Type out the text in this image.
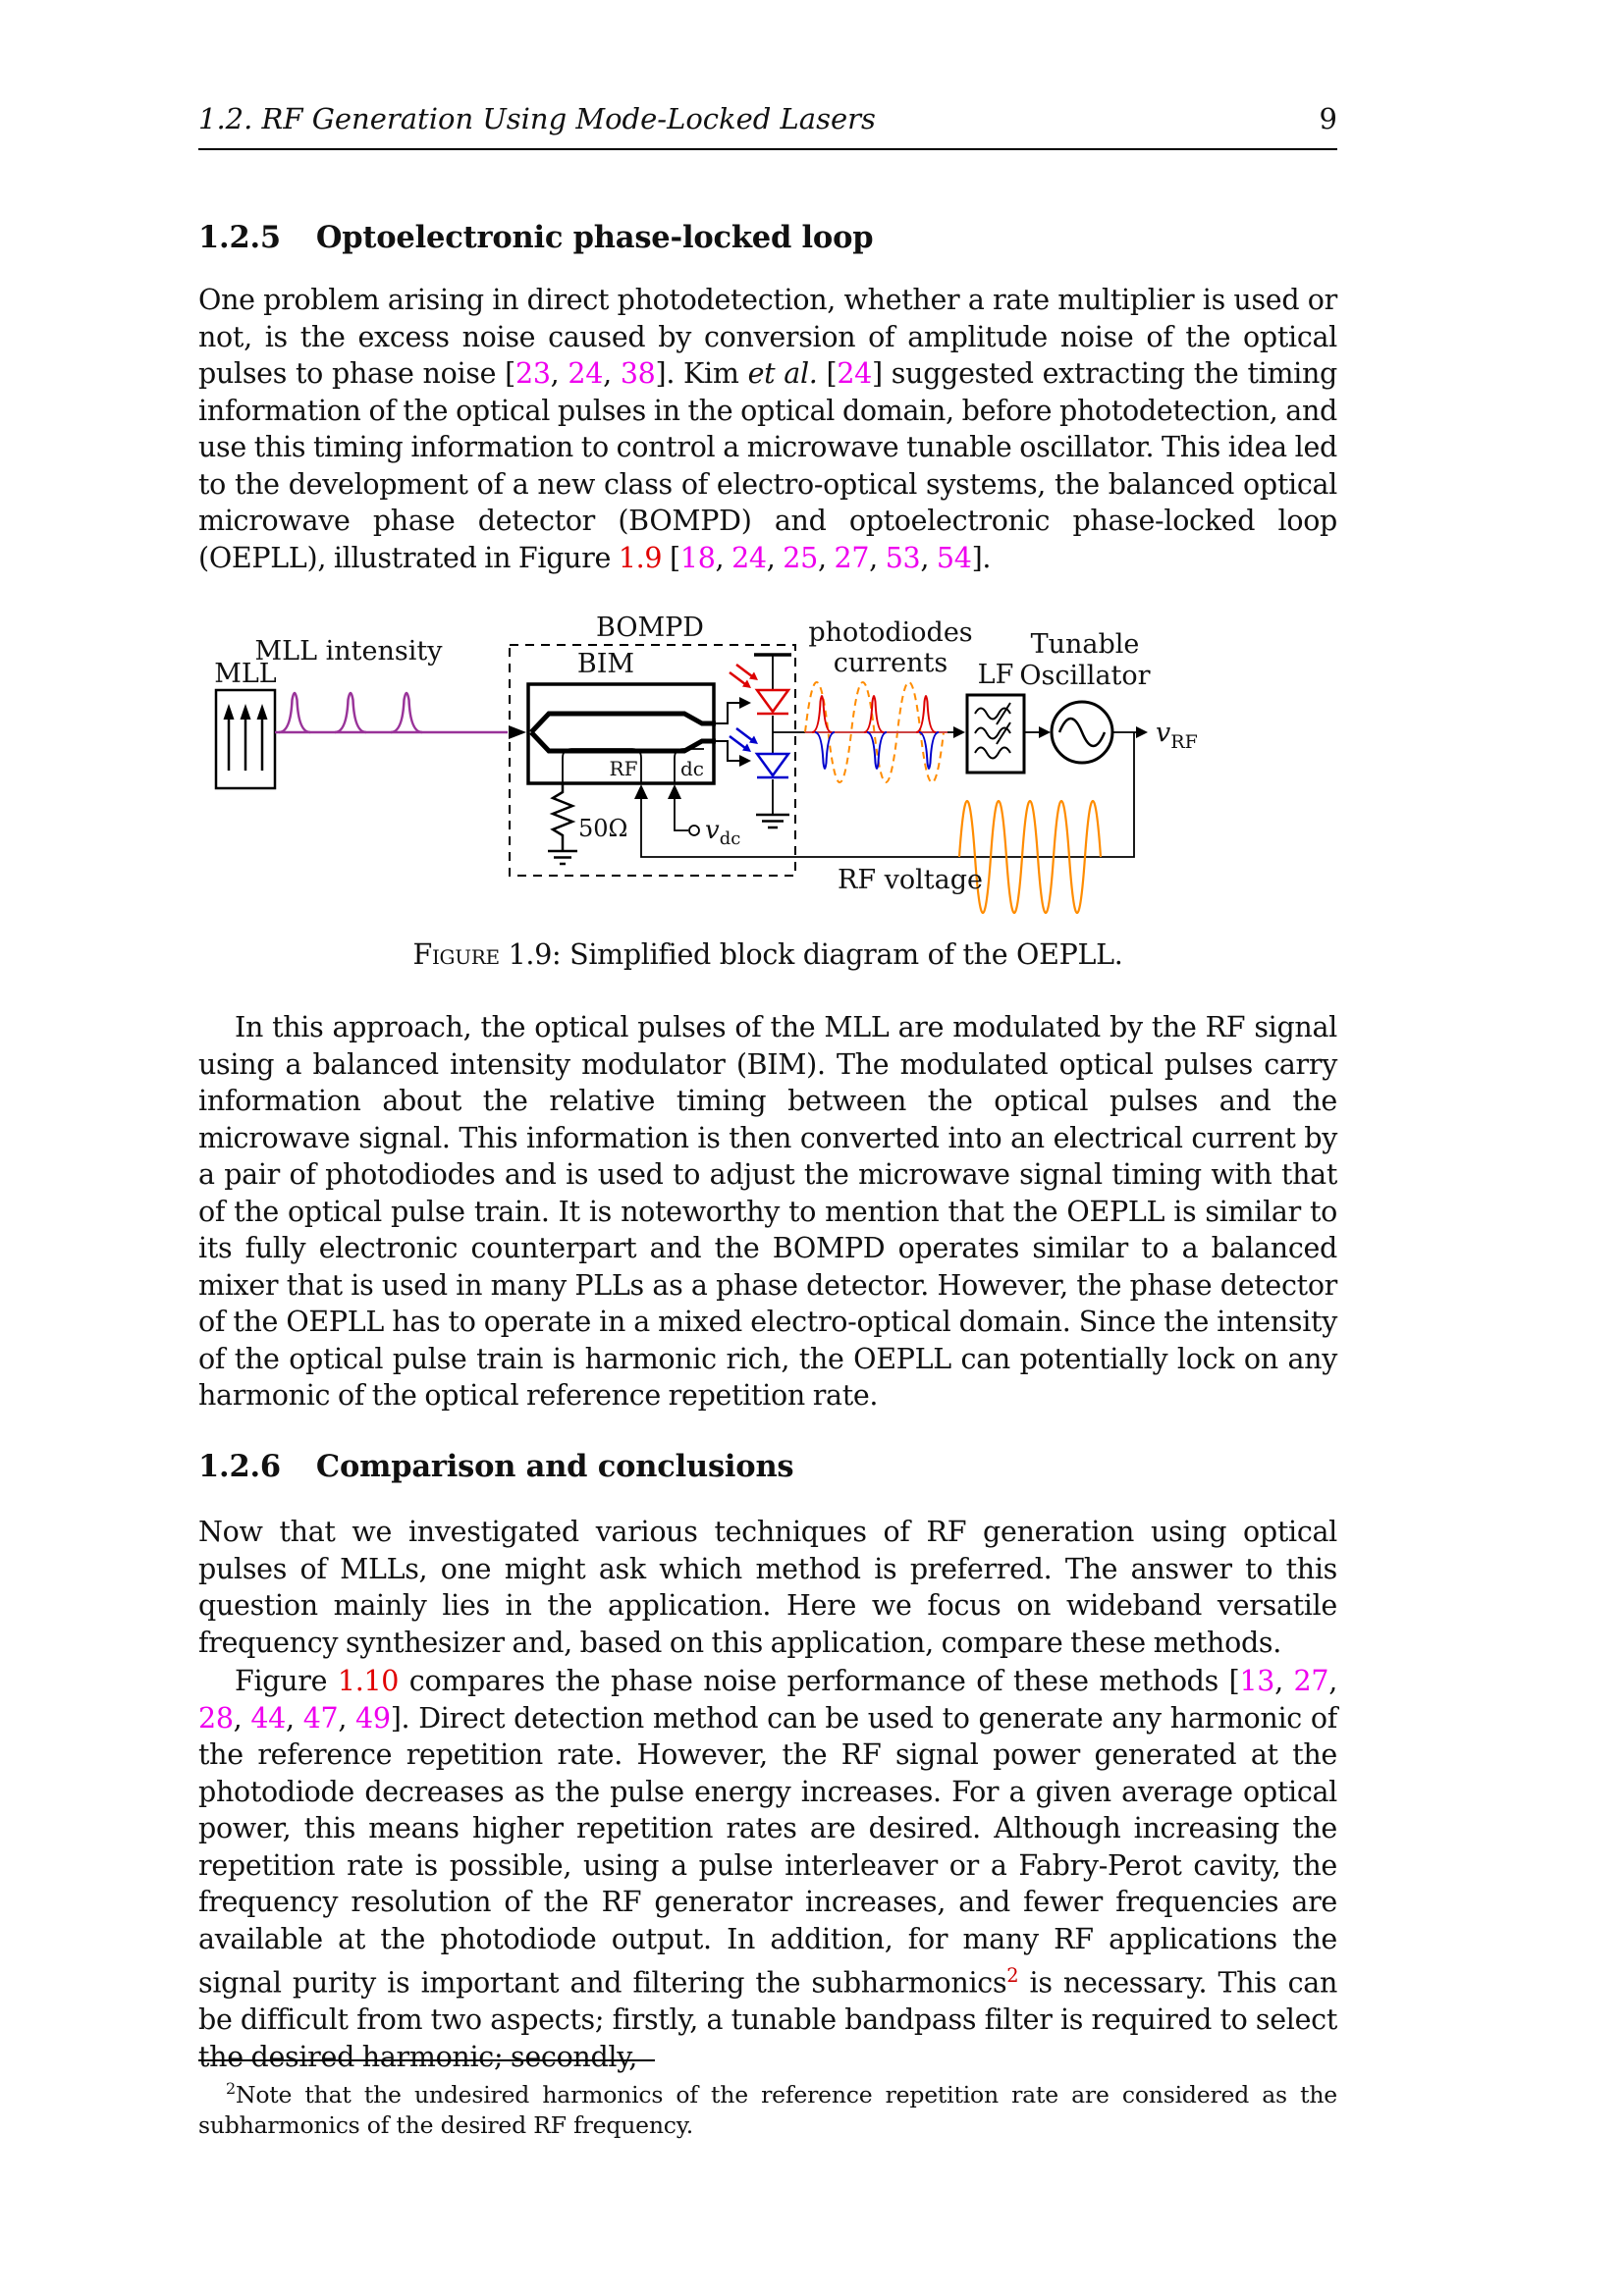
1.2. RF Generation Using Mode-Locked Lasers	9
1.2.5 Optoelectronic phase-locked loop

One problem arising in direct photodetection, whether a rate multiplier is used or not, is the excess noise caused by conversion of amplitude noise of the optical pulses to phase noise [23, 24, 38]. Kim et al. [24] suggested extracting the timing information of the optical pulses in the optical domain, before photodetection, and use this timing information to control a microwave tunable oscillator. This idea led to the development of a new class of electro-optical systems, the balanced optical microwave phase detector (BOMPD) and optoelectronic phase-locked loop (OEPLL), illustrated in Figure 1.9 [18, 24, 25, 27, 53, 54].

MLL
MLL intensity
BOMPD
BIM
RF dc
50Ω	$v_{dc}$
photodiodes
currents LF
Tunable
Oscillator
$v_{RF}$
RF voltage
Figure 1.9: Simplified block diagram of the OEPLL.

In this approach, the optical pulses of the MLL are modulated by the RF signal using a balanced intensity modulator (BIM). The modulated optical pulses carry information about the relative timing between the optical pulses and the microwave signal. This information is then converted into an electrical current by a pair of photodiodes and is used to adjust the microwave signal timing with that of the optical pulse train. It is noteworthy to mention that the OEPLL is similar to its fully electronic counterpart and the BOMPD operates similar to a balanced mixer that is used in many PLLs as a phase detector. However, the phase detector of the OEPLL has to operate in a mixed electro-optical domain. Since the intensity of the optical pulse train is harmonic rich, the OEPLL can potentially lock on any harmonic of the optical reference repetition rate.

1.2.6 Comparison and conclusions

Now that we investigated various techniques of RF generation using optical pulses of MLLs, one might ask which method is preferred. The answer to this question mainly lies in the application. Here we focus on wideband versatile frequency synthesizer and, based on this application, compare these methods.

Figure 1.10 compares the phase noise performance of these methods [13, 27, 28, 44, 47, 49]. Direct detection method can be used to generate any harmonic of the reference repetition rate. However, the RF signal power generated at the photodiode decreases as the pulse energy increases. For a given average optical power, this means higher repetition rates are desired. Although increasing the repetition rate is possible, using a pulse interleaver or a Fabry-Perot cavity, the frequency resolution of the RF generator increases, and fewer frequencies are available at the photodiode output. In addition, for many RF applications the signal purity is important and filtering the subharmonics$^2$ is necessary. This can be difficult from two aspects; firstly, a tunable bandpass filter is required to select the desired harmonic; secondly,

$^2$Note that the undesired harmonics of the reference repetition rate are considered as the subharmonics of the desired RF frequency.
